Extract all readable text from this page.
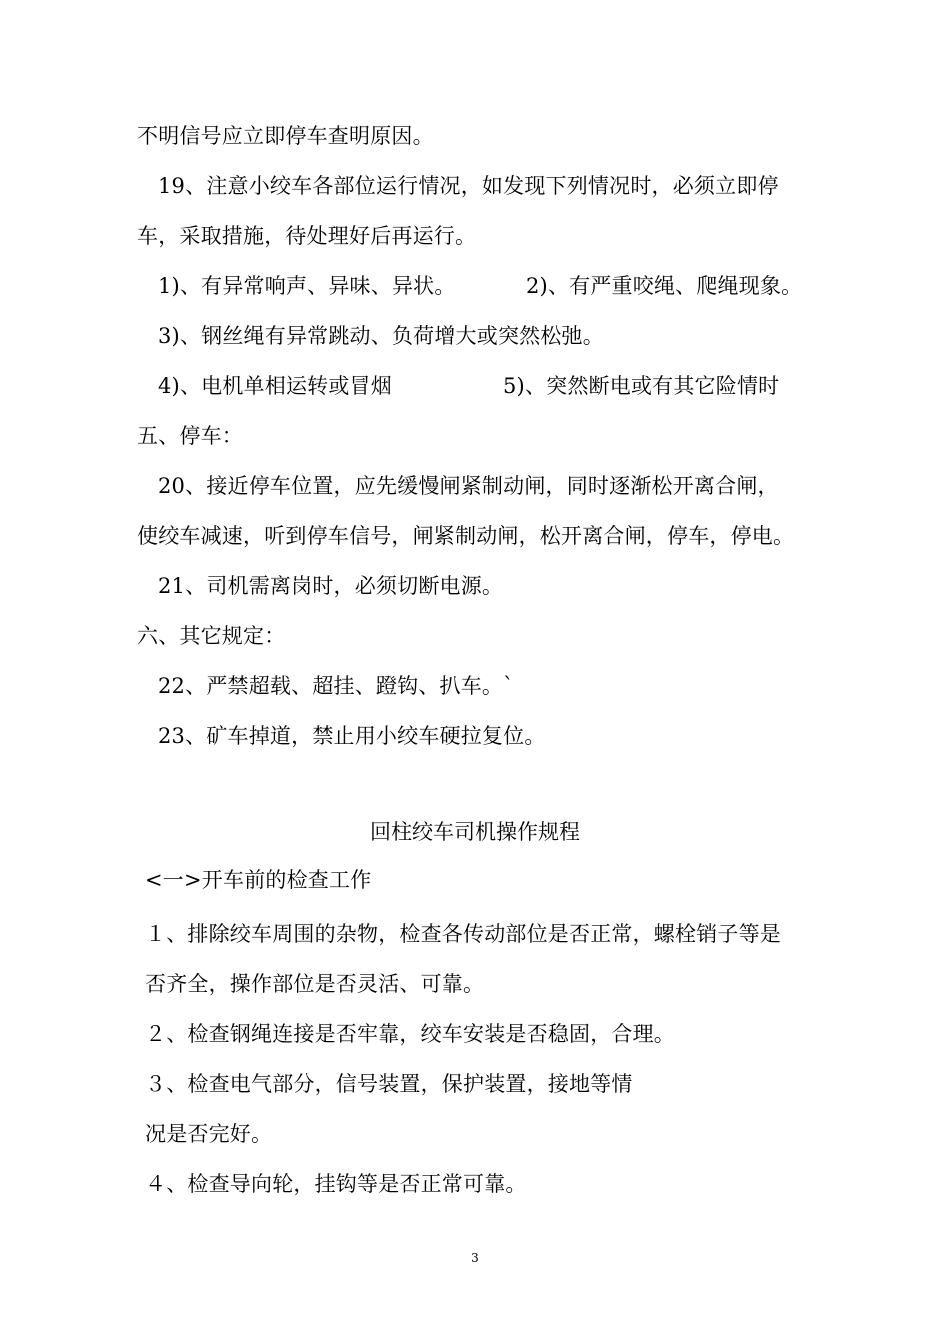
不明信号应立即停车查明原因。
19、注意小绞车各部位运行情况，如发现下列情况时，必须立即停
车，采取措施，待处理好后再运行。
1)、有异常响声、异味、异状。	2)、有严重咬绳、爬绳现象。
3)、钢丝绳有异常跳动、负荷增大或突然松弛。
4)、电机单相运转或冒烟	5)、突然断电或有其它险情时
五、停车：
20、接近停车位置，应先缓慢闸紧制动闸，同时逐渐松开离合闸，
使绞车减速，听到停车信号，闸紧制动闸，松开离合闸，停车，停电。
21、司机需离岗时，必须切断电源。
六、其它规定：
22、严禁超载、超挂、蹬钩、扒车。`
23、矿车掉道，禁止用小绞车硬拉复位。
回柱绞车司机操作规程
<一>开车前的检查工作
１、排除绞车周围的杂物，检查各传动部位是否正常，螺栓销子等是
否齐全，操作部位是否灵活、可靠。
２、检查钢绳连接是否牢靠，绞车安装是否稳固，合理。
３、检查电气部分，信号装置，保护装置，接地等情
况是否完好。
４、检查导向轮，挂钩等是否正常可靠。
3
